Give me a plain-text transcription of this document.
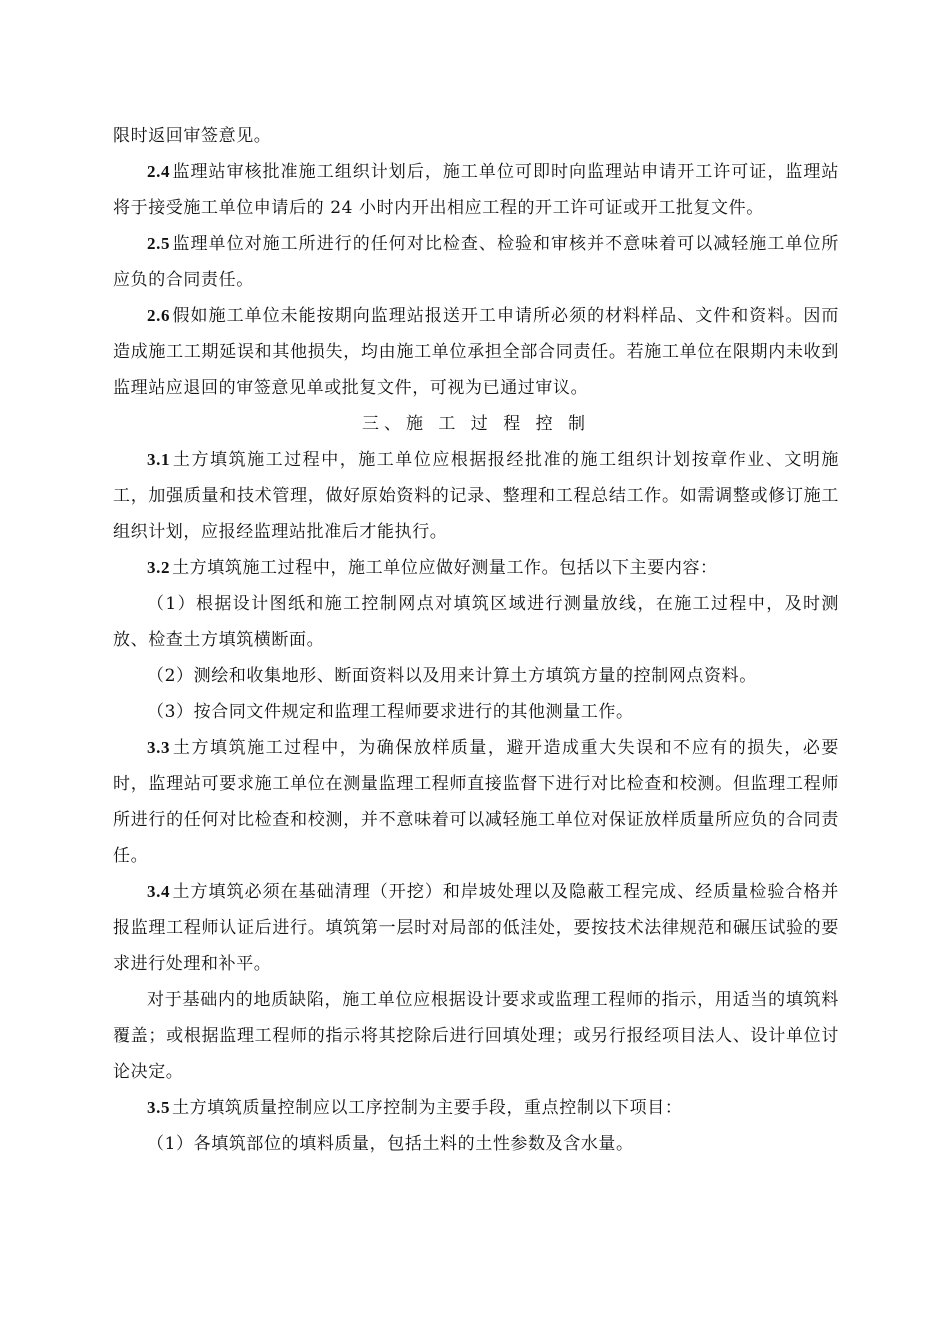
限时返回审签意见。

2.4 监理站审核批准施工组织计划后，施工单位可即时向监理站申请开工许可证，监理站将于接受施工单位申请后的 24 小时内开出相应工程的开工许可证或开工批复文件。

2.5 监理单位对施工所进行的任何对比检查、检验和审核并不意味着可以减轻施工单位所应负的合同责任。

2.6 假如施工单位未能按期向监理站报送开工申请所必须的材料样品、文件和资料。因而造成施工工期延误和其他损失，均由施工单位承担全部合同责任。若施工单位在限期内未收到监理站应退回的审签意见单或批复文件，可视为已通过审议。

三、施 工 过 程 控 制

3.1 土方填筑施工过程中，施工单位应根据报经批准的施工组织计划按章作业、文明施工，加强质量和技术管理，做好原始资料的记录、整理和工程总结工作。如需调整或修订施工组织计划，应报经监理站批准后才能执行。

3.2 土方填筑施工过程中，施工单位应做好测量工作。包括以下主要内容：

（1）根据设计图纸和施工控制网点对填筑区域进行测量放线，在施工过程中，及时测放、检查土方填筑横断面。

（2）测绘和收集地形、断面资料以及用来计算土方填筑方量的控制网点资料。

（3）按合同文件规定和监理工程师要求进行的其他测量工作。

3.3 土方填筑施工过程中，为确保放样质量，避开造成重大失误和不应有的损失，必要时，监理站可要求施工单位在测量监理工程师直接监督下进行对比检查和校测。但监理工程师所进行的任何对比检查和校测，并不意味着可以减轻施工单位对保证放样质量所应负的合同责任。

3.4 土方填筑必须在基础清理（开挖）和岸坡处理以及隐蔽工程完成、经质量检验合格并报监理工程师认证后进行。填筑第一层时对局部的低洼处，要按技术法律规范和碾压试验的要求进行处理和补平。

对于基础内的地质缺陷，施工单位应根据设计要求或监理工程师的指示，用适当的填筑料覆盖；或根据监理工程师的指示将其挖除后进行回填处理；或另行报经项目法人、设计单位讨论决定。

3.5 土方填筑质量控制应以工序控制为主要手段，重点控制以下项目：

（1）各填筑部位的填料质量，包括土料的土性参数及含水量。
